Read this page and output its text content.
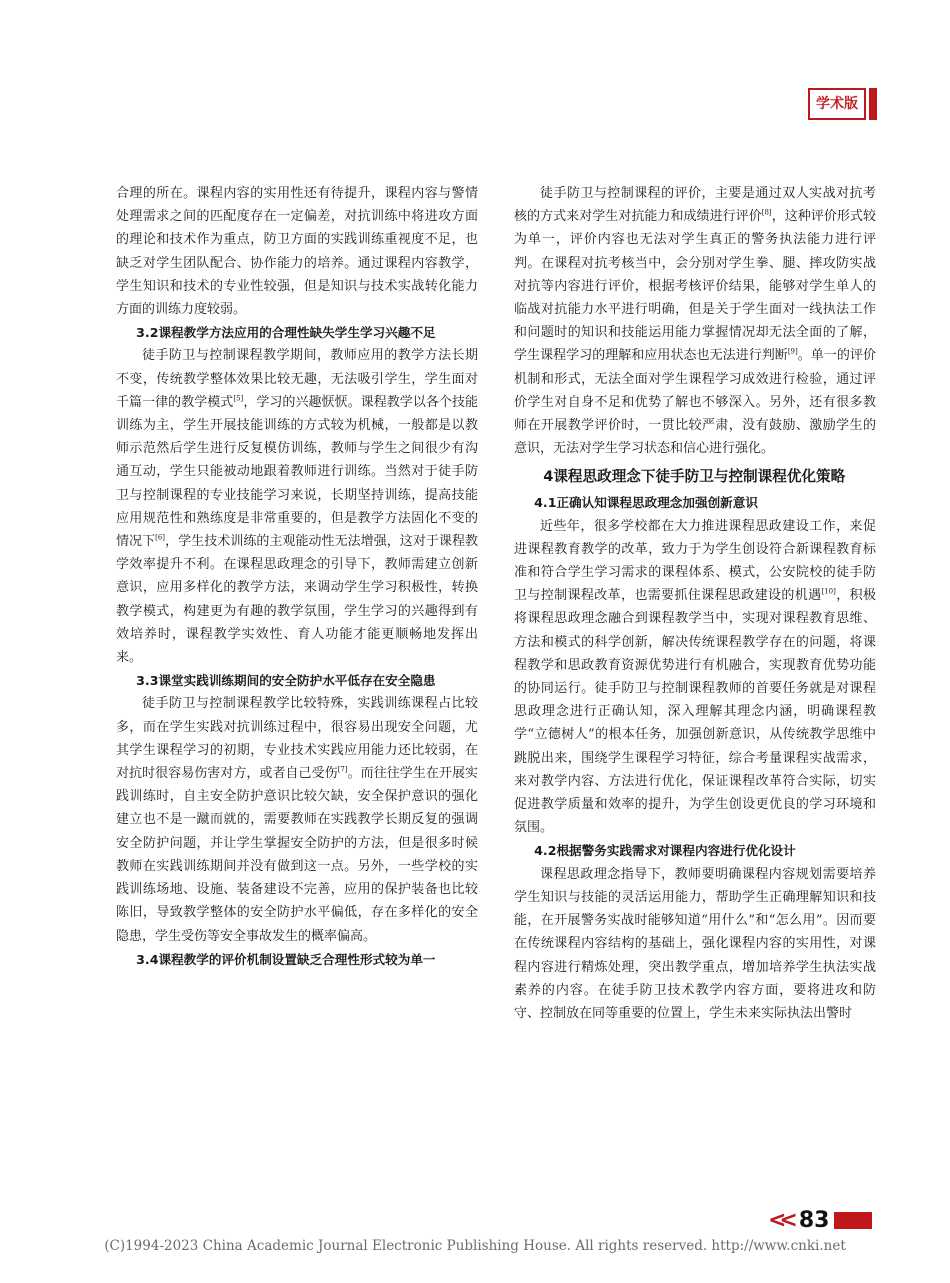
学术版

合理的所在。课程内容的实用性还有待提升，课程内容与警情处理需求之间的匹配度存在一定偏差，对抗训练中将进攻方面的理论和技术作为重点，防卫方面的实践训练重视度不足，也缺乏对学生团队配合、协作能力的培养。通过课程内容教学，学生知识和技术的专业性较强，但是知识与技术实战转化能力方面的训练力度较弱。

3.2课程教学方法应用的合理性缺失学生学习兴趣不足

徒手防卫与控制课程教学期间，教师应用的教学方法长期不变，传统教学整体效果比较无趣，无法吸引学生，学生面对千篇一律的教学模式[5]，学习的兴趣恹恹。课程教学以各个技能训练为主，学生开展技能训练的方式较为机械，一般都是以教师示范然后学生进行反复模仿训练，教师与学生之间很少有沟通互动，学生只能被动地跟着教师进行训练。当然对于徒手防卫与控制课程的专业技能学习来说，长期坚持训练，提高技能应用规范性和熟练度是非常重要的，但是教学方法固化不变的情况下[6]，学生技术训练的主观能动性无法增强，这对于课程教学效率提升不利。在课程思政理念的引导下，教师需建立创新意识，应用多样化的教学方法，来调动学生学习积极性，转换教学模式，构建更为有趣的教学氛围，学生学习的兴趣得到有效培养时，课程教学实效性、育人功能才能更顺畅地发挥出来。

3.3课堂实践训练期间的安全防护水平低存在安全隐患

徒手防卫与控制课程教学比较特殊，实践训练课程占比较多，而在学生实践对抗训练过程中，很容易出现安全问题，尤其学生课程学习的初期，专业技术实践应用能力还比较弱，在对抗时很容易伤害对方，或者自己受伤[7]。而往往学生在开展实践训练时，自主安全防护意识比较欠缺，安全保护意识的强化建立也不是一蹴而就的，需要教师在实践教学长期反复的强调安全防护问题，并让学生掌握安全防护的方法，但是很多时候教师在实践训练期间并没有做到这一点。另外，一些学校的实践训练场地、设施、装备建设不完善，应用的保护装备也比较陈旧，导致教学整体的安全防护水平偏低，存在多样化的安全隐患，学生受伤等安全事故发生的概率偏高。

3.4课程教学的评价机制设置缺乏合理性形式较为单一

徒手防卫与控制课程的评价，主要是通过双人实战对抗考核的方式来对学生对抗能力和成绩进行评价[8]，这种评价形式较为单一，评价内容也无法对学生真正的警务执法能力进行评判。在课程对抗考核当中，会分别对学生拳、腿、摔攻防实战对抗等内容进行评价，根据考核评价结果，能够对学生单人的临战对抗能力水平进行明确，但是关于学生面对一线执法工作和问题时的知识和技能运用能力掌握情况却无法全面的了解，学生课程学习的理解和应用状态也无法进行判断[9]。单一的评价机制和形式，无法全面对学生课程学习成效进行检验，通过评价学生对自身不足和优势了解也不够深入。另外，还有很多教师在开展教学评价时，一贯比较严肃，没有鼓励、激励学生的意识，无法对学生学习状态和信心进行强化。

4课程思政理念下徒手防卫与控制课程优化策略
4.1正确认知课程思政理念加强创新意识

近些年，很多学校都在大力推进课程思政建设工作，来促进课程教育教学的改革，致力于为学生创设符合新课程教育标准和符合学生学习需求的课程体系、模式，公安院校的徒手防卫与控制课程改革，也需要抓住课程思政建设的机遇[10]，积极将课程思政理念融合到课程教学当中，实现对课程教育思维、方法和模式的科学创新，解决传统课程教学存在的问题，将课程教学和思政教育资源优势进行有机融合，实现教育优势功能的协同运行。徒手防卫与控制课程教师的首要任务就是对课程思政理念进行正确认知，深入理解其理念内涵，明确课程教学“立德树人”的根本任务，加强创新意识，从传统教学思维中跳脱出来，围绕学生课程学习特征，综合考量课程实战需求，来对教学内容、方法进行优化，保证课程改革符合实际，切实促进教学质量和效率的提升，为学生创设更优良的学习环境和氛围。

4.2根据警务实践需求对课程内容进行优化设计

课程思政理念指导下，教师要明确课程内容规划需要培养学生知识与技能的灵活运用能力，帮助学生正确理解知识和技能，在开展警务实战时能够知道“用什么”和“怎么用”。因而要在传统课程内容结构的基础上，强化课程内容的实用性，对课程内容进行精炼处理，突出教学重点，增加培养学生执法实战素养的内容。在徒手防卫技术教学内容方面，要将进攻和防守、控制放在同等重要的位置上，学生未来实际执法出警时

<< 83
(C)1994-2023 China Academic Journal Electronic Publishing House. All rights reserved. http://www.cnki.net
